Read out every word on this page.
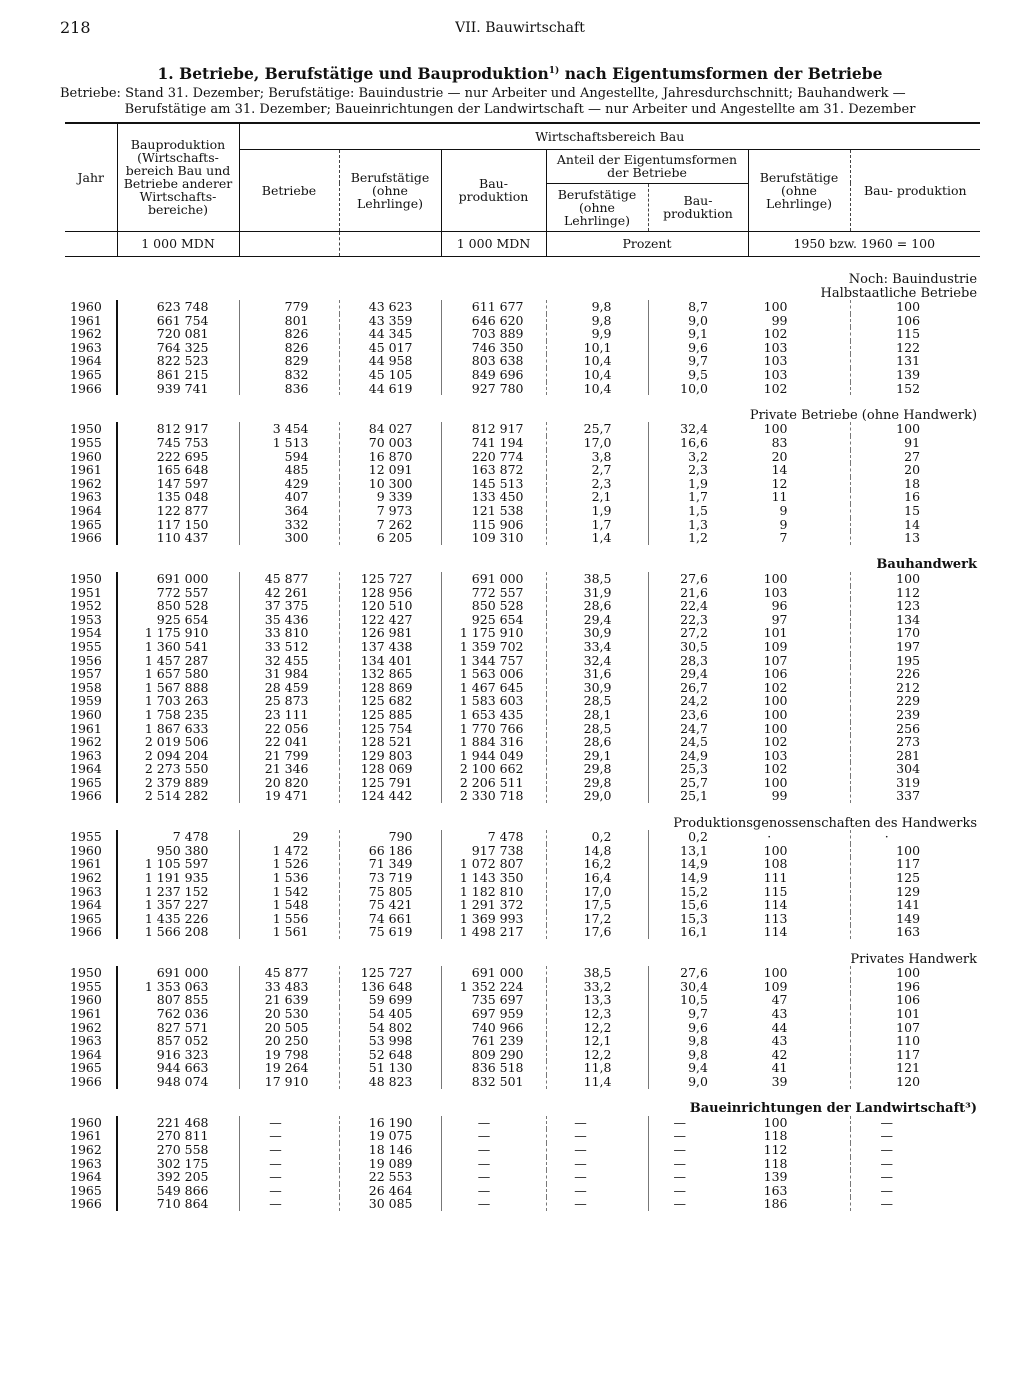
218	VII. Bauwirtschaft
1. Betriebe, Berufstätige und Bauproduktion$^{1)}$ nach Eigentumsformen der Betriebe
Betriebe: Stand 31. Dezember; Berufstätige: Bauindustrie — nur Arbeiter und Angestellte, Jahresdurchschnitt; Bauhandwerk —
Berufstätige am 31. Dezember; Baueinrichtungen der Landwirtschaft — nur Arbeiter und Angestellte am 31. Dezember
Jahr	Bauproduktion (Wirtschafts- bereich Bau und Betriebe anderer Wirtschafts- bereiche)	Wirtschaftsbereich Bau						
		Betriebe	Berufstätige (ohne Lehrlinge)	Bau- produktion	Anteil der Eigentumsformen der Betriebe		Berufstätige (ohne Lehrlinge)	Bau- produktion
					Berufstätige (ohne Lehrlinge)	Bau- produktion		
	1 000 MDN			1 000 MDN	Prozent		1950 bzw. 1960 = 100	
Noch: Bauindustrie								
Halbstaatliche Betriebe								
1960	623 748	779	43 623	611 677	9,8	8,7	100	100
1961	661 754	801	43 359	646 620	9,8	9,0	99	106
1962	720 081	826	44 345	703 889	9,9	9,1	102	115
1963	764 325	826	45 017	746 350	10,1	9,6	103	122
1964	822 523	829	44 958	803 638	10,4	9,7	103	131
1965	861 215	832	45 105	849 696	10,4	9,5	103	139
1966	939 741	836	44 619	927 780	10,4	10,0	102	152

Private Betriebe (ohne Handwerk)								
1950	812 917	3 454	84 027	812 917	25,7	32,4	100	100
1955	745 753	1 513	70 003	741 194	17,0	16,6	83	91
1960	222 695	594	16 870	220 774	3,8	3,2	20	27
1961	165 648	485	12 091	163 872	2,7	2,3	14	20
1962	147 597	429	10 300	145 513	2,3	1,9	12	18
1963	135 048	407	9 339	133 450	2,1	1,7	11	16
1964	122 877	364	7 973	121 538	1,9	1,5	9	15
1965	117 150	332	7 262	115 906	1,7	1,3	9	14
1966	110 437	300	6 205	109 310	1,4	1,2	7	13

Bauhandwerk								
1950	691 000	45 877	125 727	691 000	38,5	27,6	100	100
1951	772 557	42 261	128 956	772 557	31,9	21,6	103	112
1952	850 528	37 375	120 510	850 528	28,6	22,4	96	123
1953	925 654	35 436	122 427	925 654	29,4	22,3	97	134
1954	1 175 910	33 810	126 981	1 175 910	30,9	27,2	101	170
1955	1 360 541	33 512	137 438	1 359 702	33,4	30,5	109	197
1956	1 457 287	32 455	134 401	1 344 757	32,4	28,3	107	195
1957	1 657 580	31 984	132 865	1 563 006	31,6	29,4	106	226
1958	1 567 888	28 459	128 869	1 467 645	30,9	26,7	102	212
1959	1 703 263	25 873	125 682	1 583 603	28,5	24,2	100	229
1960	1 758 235	23 111	125 885	1 653 435	28,1	23,6	100	239
1961	1 867 633	22 056	125 754	1 770 766	28,5	24,7	100	256
1962	2 019 506	22 041	128 521	1 884 316	28,6	24,5	102	273
1963	2 094 204	21 799	129 803	1 944 049	29,1	24,9	103	281
1964	2 273 550	21 346	128 069	2 100 662	29,8	25,3	102	304
1965	2 379 889	20 820	125 791	2 206 511	29,8	25,7	100	319
1966	2 514 282	19 471	124 442	2 330 718	29,0	25,1	99	337

Produktionsgenossenschaften des Handwerks								
1955	7 478	29	790	7 478	0,2	0,2	·	·
1960	950 380	1 472	66 186	917 738	14,8	13,1	100	100
1961	1 105 597	1 526	71 349	1 072 807	16,2	14,9	108	117
1962	1 191 935	1 536	73 719	1 143 350	16,4	14,9	111	125
1963	1 237 152	1 542	75 805	1 182 810	17,0	15,2	115	129
1964	1 357 227	1 548	75 421	1 291 372	17,5	15,6	114	141
1965	1 435 226	1 556	74 661	1 369 993	17,2	15,3	113	149
1966	1 566 208	1 561	75 619	1 498 217	17,6	16,1	114	163

Privates Handwerk								
1950	691 000	45 877	125 727	691 000	38,5	27,6	100	100
1955	1 353 063	33 483	136 648	1 352 224	33,2	30,4	109	196
1960	807 855	21 639	59 699	735 697	13,3	10,5	47	106
1961	762 036	20 530	54 405	697 959	12,3	9,7	43	101
1962	827 571	20 505	54 802	740 966	12,2	9,6	44	107
1963	857 052	20 250	53 998	761 239	12,1	9,8	43	110
1964	916 323	19 798	52 648	809 290	12,2	9,8	42	117
1965	944 663	19 264	51 130	836 518	11,8	9,4	41	121
1966	948 074	17 910	48 823	832 501	11,4	9,0	39	120

Baueinrichtungen der Landwirtschaft³)								
1960	221 468	—	16 190	—	—	—	100	—
1961	270 811	—	19 075	—	—	—	118	—
1962	270 558	—	18 146	—	—	—	112	—
1963	302 175	—	19 089	—	—	—	118	—
1964	392 205	—	22 553	—	—	—	139	—
1965	549 866	—	26 464	—	—	—	163	—
1966	710 864	—	30 085	—	—	—	186	—
